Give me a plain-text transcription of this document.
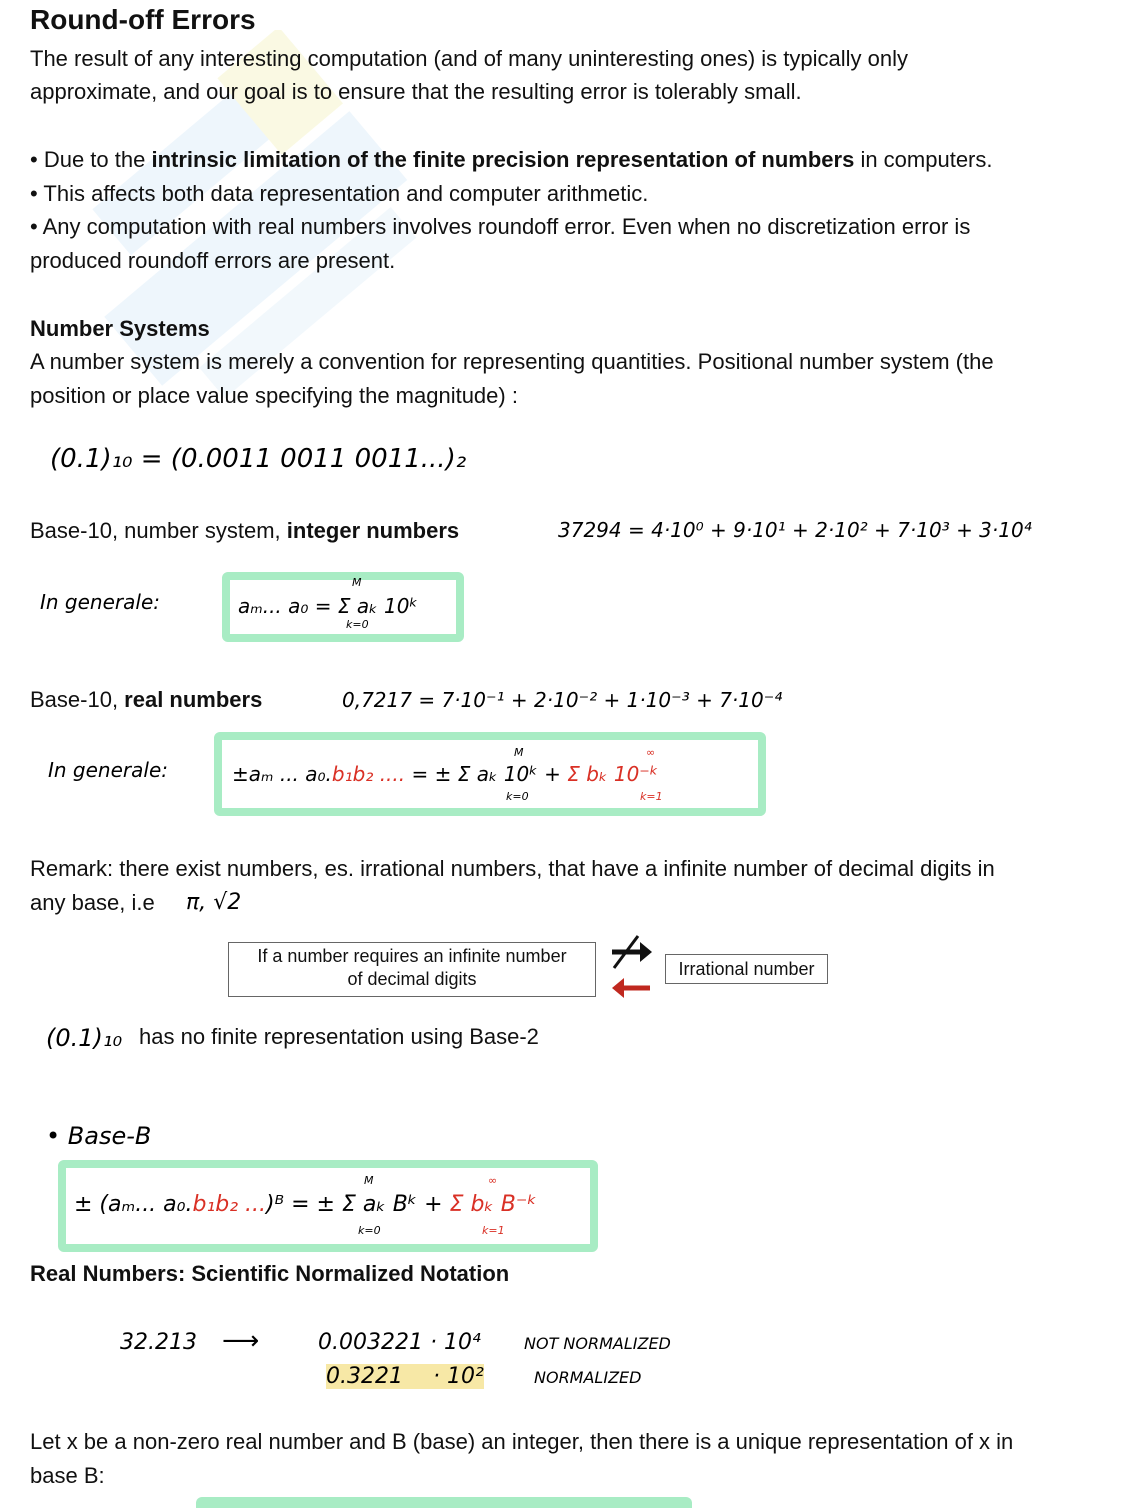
Round-off Errors
The result of any interesting computation (and of many uninteresting ones) is typically only
approximate, and our goal is to ensure that the resulting error is tolerably small.
• Due to the intrinsic limitation of the finite precision representation of numbers in computers.
• This affects both data representation and computer arithmetic.
• Any computation with real numbers involves roundoff error. Even when no discretization error is
produced roundoff errors are present.
Number Systems
A number system is merely a convention for representing quantities. Positional number system (the
position or place value specifying the magnitude) :
(0.1)₁₀ = (0.0011 0011 0011...)₂
Base-10, number system, integer numbers	37294 = 4·10⁰ + 9·10¹ + 2·10² + 7·10³ + 3·10⁴
In generale:	aₘ... a₀ = Σ aₖ 10ᵏ
M
k=0
Base-10, real numbers	0,7217 = 7·10⁻¹ + 2·10⁻² + 1·10⁻³ + 7·10⁻⁴
In generale:	±aₘ ... a₀.b₁b₂ .... = ± Σ aₖ 10ᵏ + Σ bₖ 10⁻ᵏ
M
k=0
∞
k=1
Remark: there exist numbers, es. irrational numbers, that have a infinite number of decimal digits in
any base, i.e π, √2
If a number requires an infinite number
of decimal digits	Irrational number
(0.1)₁₀ has no finite representation using Base-2
• Base-B
± (aₘ... a₀.b₁b₂ ...)ᴮ = ± Σ aₖ Bᵏ + Σ bₖ B⁻ᵏ
M
k=0
∞
k=1
Real Numbers: Scientific Normalized Notation
32.213 ⟶	0.003221 · 10⁴	NOT NORMALIZED
0.3221 · 10²	NORMALIZED
Let x be a non-zero real number and B (base) an integer, then there is a unique representation of x in
base B:
